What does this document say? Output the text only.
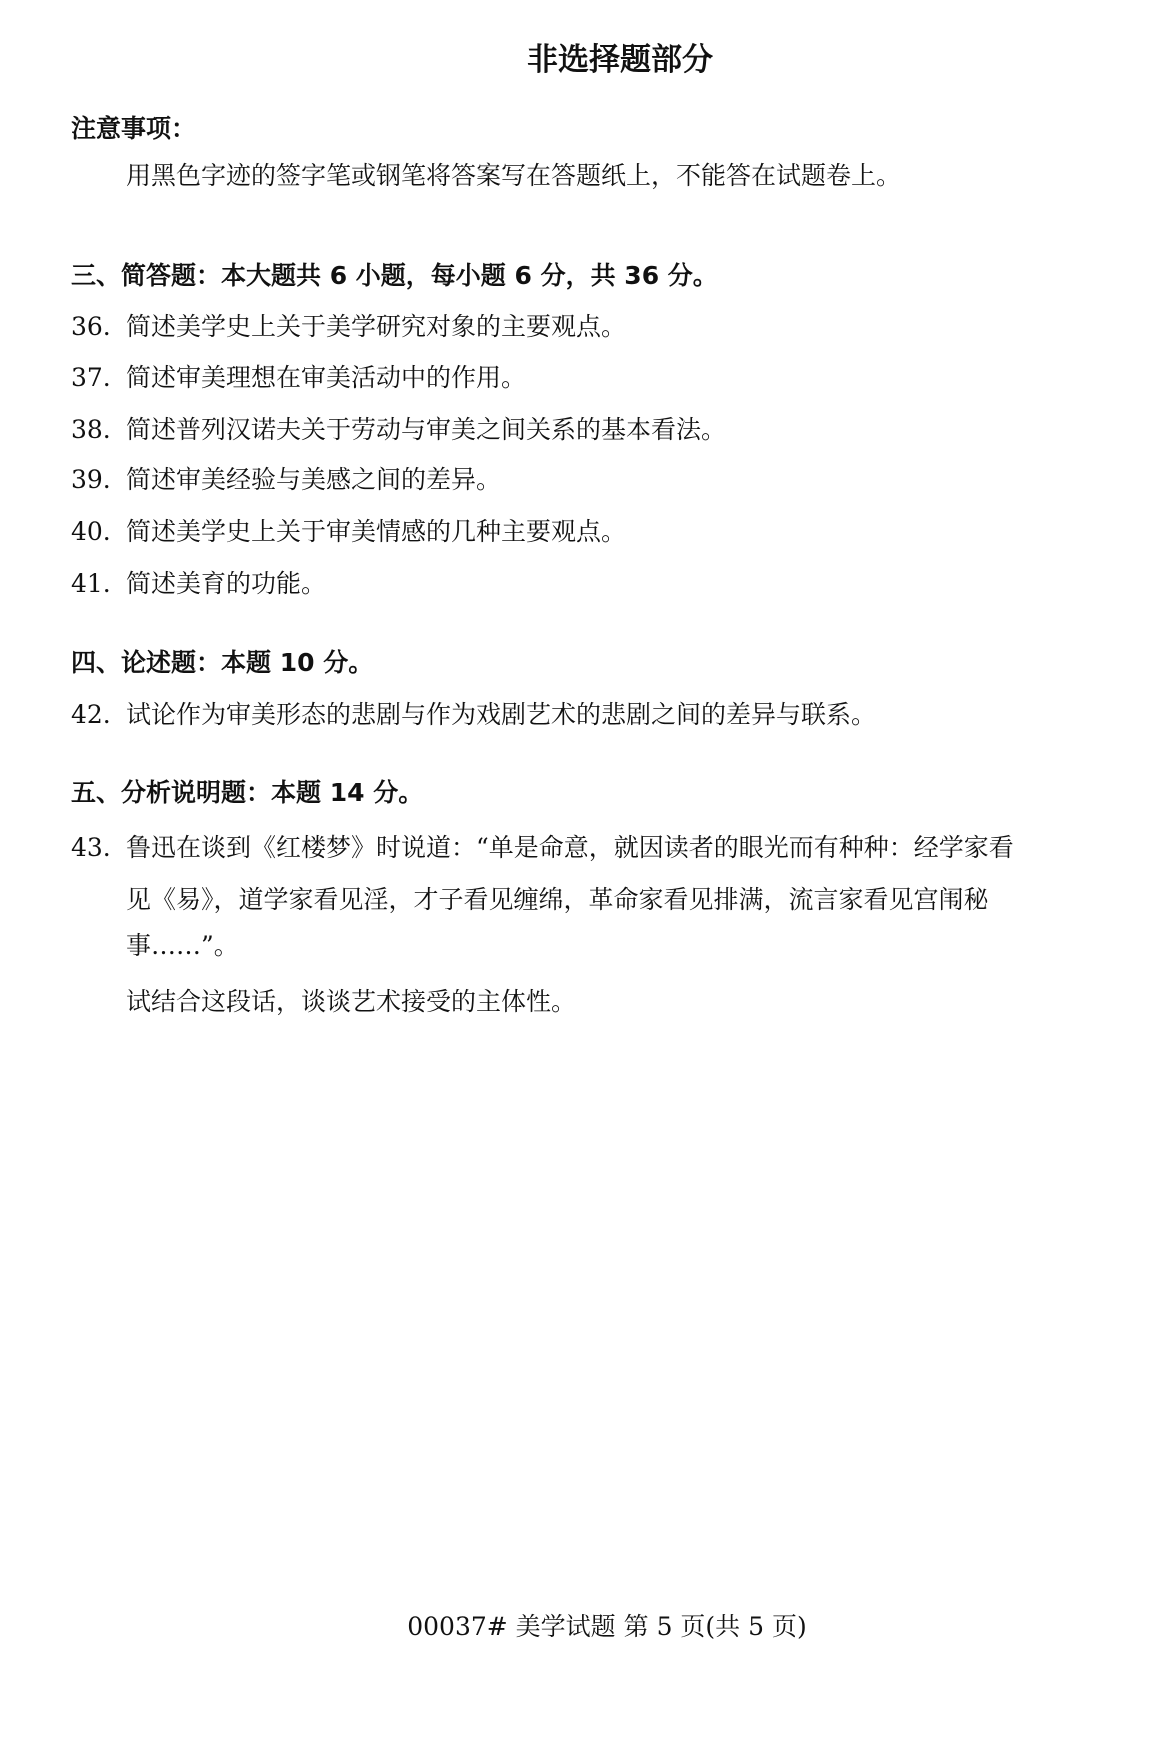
非选择题部分
注意事项：
用黑色字迹的签字笔或钢笔将答案写在答题纸上，不能答在试题卷上。
三、简答题：本大题共 6 小题，每小题 6 分，共 36 分。
36. 简述美学史上关于美学研究对象的主要观点。
37. 简述审美理想在审美活动中的作用。
38. 简述普列汉诺夫关于劳动与审美之间关系的基本看法。
39. 简述审美经验与美感之间的差异。
40. 简述美学史上关于审美情感的几种主要观点。
41. 简述美育的功能。
四、论述题：本题 10 分。
42. 试论作为审美形态的悲剧与作为戏剧艺术的悲剧之间的差异与联系。
五、分析说明题：本题 14 分。
43. 鲁迅在谈到《红楼梦》时说道：“单是命意，就因读者的眼光而有种种：经学家看
见《易》，道学家看见淫，才子看见缠绵，革命家看见排满，流言家看见宫闱秘
事……”。
试结合这段话，谈谈艺术接受的主体性。
00037# 美学试题 第 5 页(共 5 页)
